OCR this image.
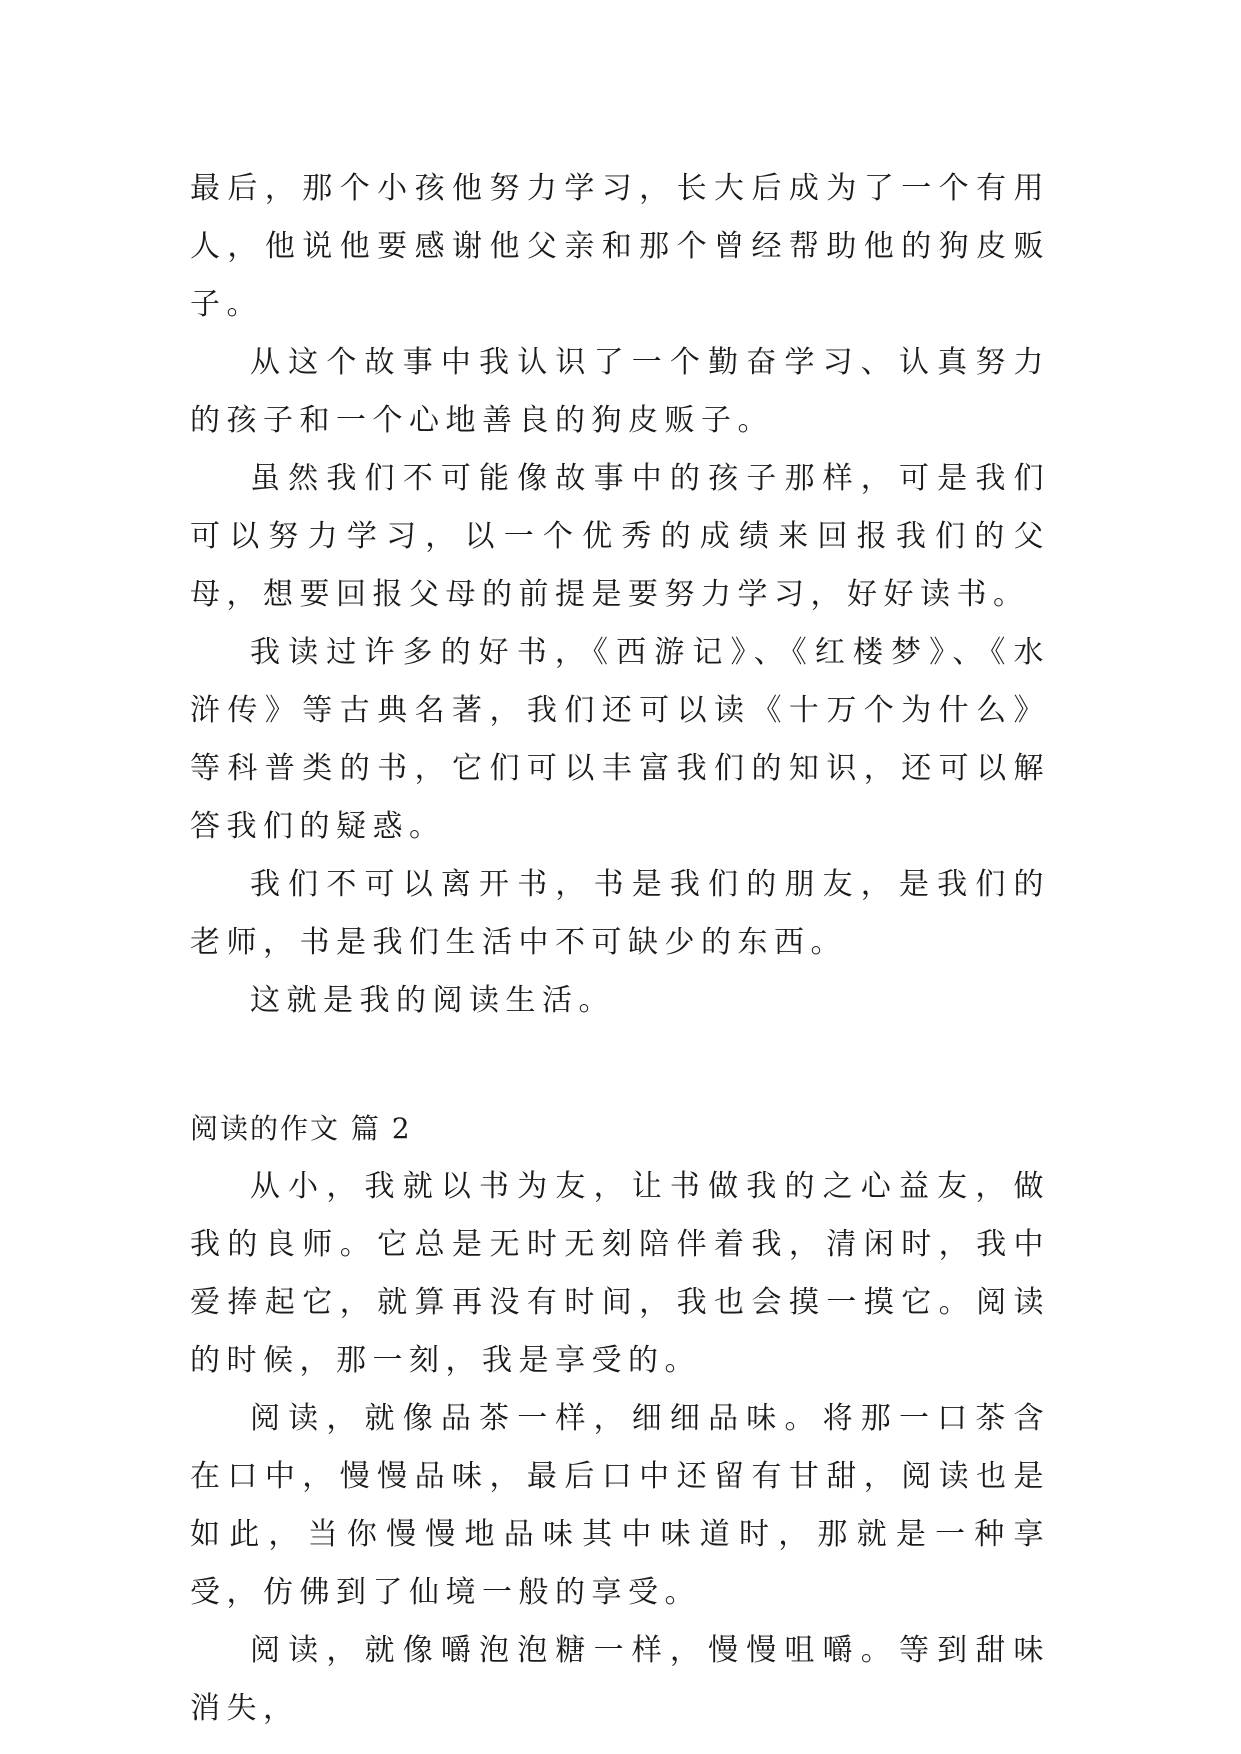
最后，那个小孩他努力学习，长大后成为了一个有用人，他说他要感谢他父亲和那个曾经帮助他的狗皮贩子。

从这个故事中我认识了一个勤奋学习、认真努力的孩子和一个心地善良的狗皮贩子。

虽然我们不可能像故事中的孩子那样，可是我们可以努力学习，以一个优秀的成绩来回报我们的父母，想要回报父母的前提是要努力学习，好好读书。

我读过许多的好书，《西游记》、《红楼梦》、《水浒传》等古典名著，我们还可以读《十万个为什么》等科普类的书，它们可以丰富我们的知识，还可以解答我们的疑惑。

我们不可以离开书，书是我们的朋友，是我们的老师，书是我们生活中不可缺少的东西。

这就是我的阅读生活。

阅读的作文 篇 2

从小，我就以书为友，让书做我的之心益友，做我的良师。它总是无时无刻陪伴着我，清闲时，我中爱捧起它，就算再没有时间，我也会摸一摸它。阅读的时候，那一刻，我是享受的。

阅读，就像品茶一样，细细品味。将那一口茶含在口中，慢慢品味，最后口中还留有甘甜，阅读也是如此，当你慢慢地品味其中味道时，那就是一种享受，仿佛到了仙境一般的享受。

阅读，就像嚼泡泡糖一样，慢慢咀嚼。等到甜味消失，
